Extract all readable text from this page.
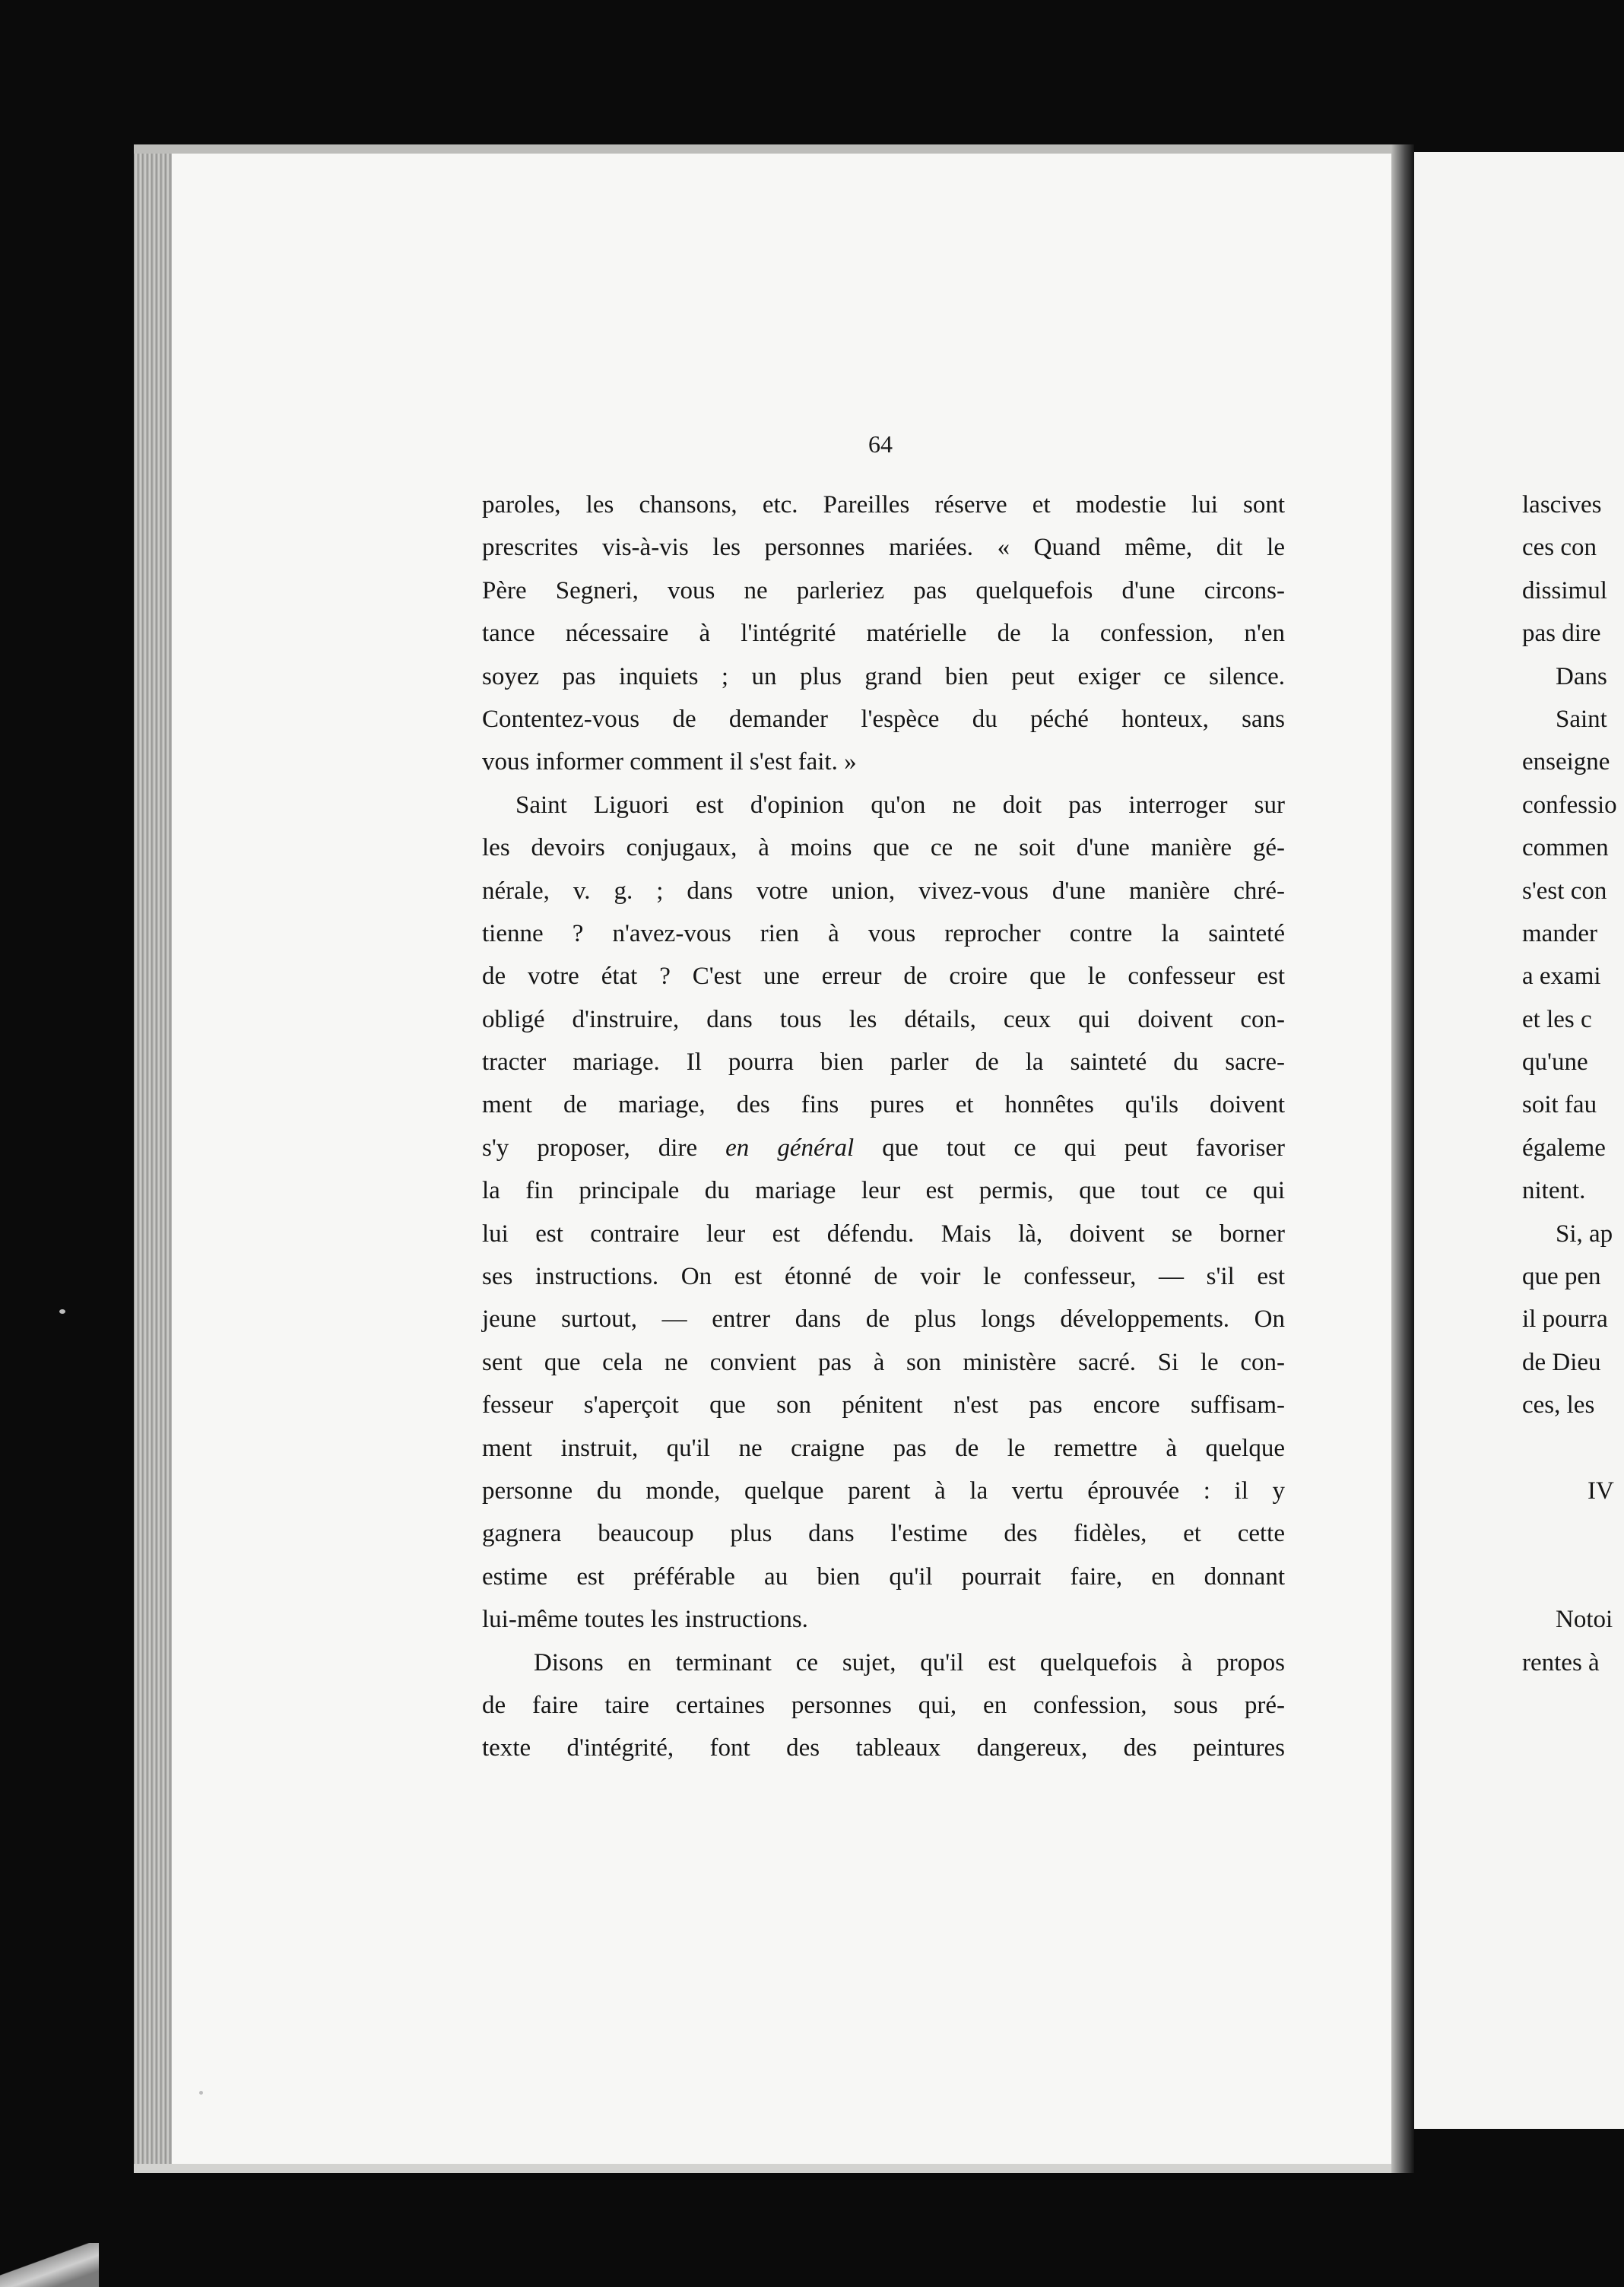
64
paroles, les chansons, etc. Pareilles réserve et modestie lui sont
prescrites vis-à-vis les personnes mariées. « Quand même, dit le
Père Segneri, vous ne parleriez pas quelquefois d'une circons-
tance nécessaire à l'intégrité matérielle de la confession, n'en
soyez pas inquiets ; un plus grand bien peut exiger ce silence.
Contentez-vous de demander l'espèce du péché honteux, sans
vous informer comment il s'est fait. »
Saint Liguori est d'opinion qu'on ne doit pas interroger sur
les devoirs conjugaux, à moins que ce ne soit d'une manière gé-
nérale, v. g. ; dans votre union, vivez-vous d'une manière chré-
tienne ? n'avez-vous rien à vous reprocher contre la sainteté
de votre état ? C'est une erreur de croire que le confesseur est
obligé d'instruire, dans tous les détails, ceux qui doivent con-
tracter mariage. Il pourra bien parler de la sainteté du sacre-
ment de mariage, des fins pures et honnêtes qu'ils doivent
s'y proposer, dire en général que tout ce qui peut favoriser
la fin principale du mariage leur est permis, que tout ce qui
lui est contraire leur est défendu. Mais là, doivent se borner
ses instructions. On est étonné de voir le confesseur, — s'il est
jeune surtout, — entrer dans de plus longs développements. On
sent que cela ne convient pas à son ministère sacré. Si le con-
fesseur s'aperçoit que son pénitent n'est pas encore suffisam-
ment instruit, qu'il ne craigne pas de le remettre à quelque
personne du monde, quelque parent à la vertu éprouvée : il y
gagnera beaucoup plus dans l'estime des fidèles, et cette
estime est préférable au bien qu'il pourrait faire, en donnant
lui-même toutes les instructions.
Disons en terminant ce sujet, qu'il est quelquefois à propos
de faire taire certaines personnes qui, en confession, sous pré-
texte d'intégrité, font des tableaux dangereux, des peintures
lascives
ces con
dissimul
pas dire
Dans
Saint
enseigne
confessio
commen
s'est con
mander
a exami
et les c
qu'une
soit fau
égaleme
nitent.
Si, ap
que pen
il pourra
de Dieu
ces, les
IV
Notoi
rentes à
